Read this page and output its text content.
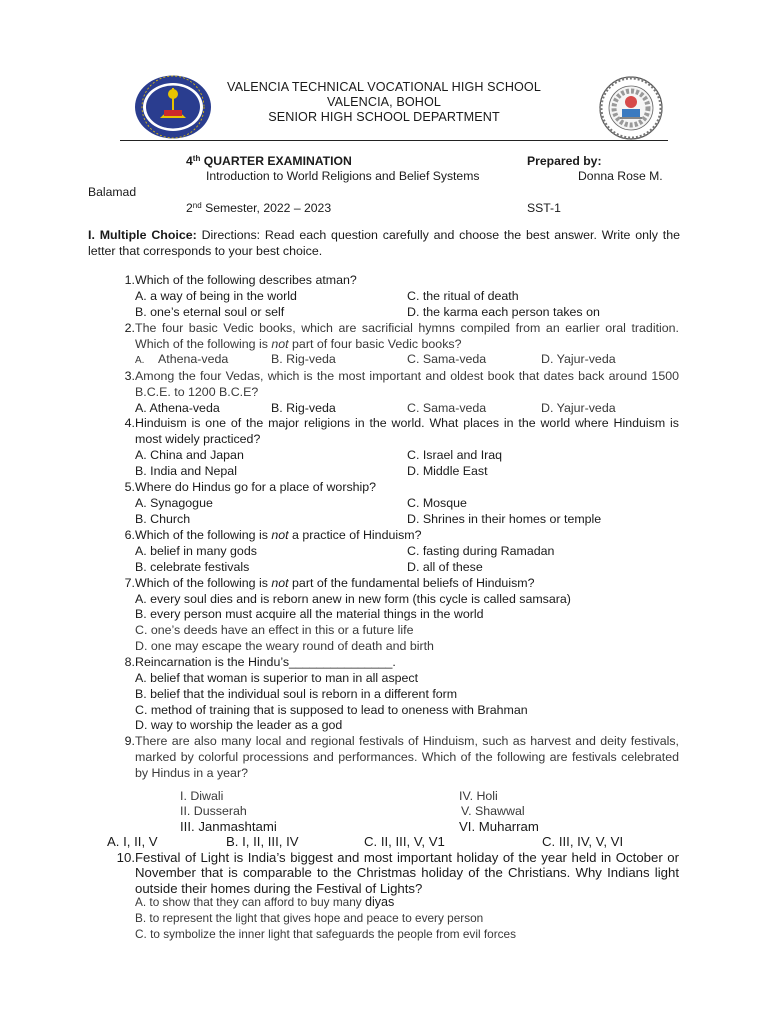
VALENCIA TECHNICAL VOCATIONAL HIGH SCHOOL
VALENCIA, BOHOL
SENIOR HIGH SCHOOL DEPARTMENT
4th QUARTER EXAMINATION	Prepared by:
Introduction to World Religions and Belief Systems	Donna Rose M.
Balamad
2nd Semester, 2022 – 2023	SST-1
I. Multiple Choice: Directions: Read each question carefully and choose the best answer. Write only the letter that corresponds to your best choice.
1. Which of the following describes atman?
A. a way of being in the world	C. the ritual of death
B. one’s eternal soul or self	D. the karma each person takes on
2. The four basic Vedic books, which are sacrificial hymns compiled from an earlier oral tradition. Which of the following is not part of four basic Vedic books?
A. Athena-veda	B. Rig-veda	C. Sama-veda	D. Yajur-veda
3. Among the four Vedas, which is the most important and oldest book that dates back around 1500 B.C.E. to 1200 B.C.E?
A. Athena-veda	B. Rig-veda	C. Sama-veda	D. Yajur-veda
4. Hinduism is one of the major religions in the world. What places in the world where Hinduism is most widely practiced?
A. China and Japan	C. Israel and Iraq
B. India and Nepal	D. Middle East
5. Where do Hindus go for a place of worship?
A. Synagogue	C. Mosque
B. Church	D. Shrines in their homes or temple
6. Which of the following is not a practice of Hinduism?
A. belief in many gods	C. fasting during Ramadan
B. celebrate festivals	D. all of these
7. Which of the following is not part of the fundamental beliefs of Hinduism?
A. every soul dies and is reborn anew in new form (this cycle is called samsara)
B. every person must acquire all the material things in the world
C. one’s deeds have an effect in this or a future life
D. one may escape the weary round of death and birth
8. Reincarnation is the Hindu’s_______________.
A. belief that woman is superior to man in all aspect
B. belief that the individual soul is reborn in a different form
C. method of training that is supposed to lead to oneness with Brahman
D. way to worship the leader as a god
9. There are also many local and regional festivals of Hinduism, such as harvest and deity festivals, marked by colorful processions and performances. Which of the following are festivals celebrated by Hindus in a year?
I. Diwali	IV. Holi
II. Dusserah	V. Shawwal
III. Janmashtami	VI. Muharram
A. I, II, V	B. I, II, III, IV	C. II, III, V, V1	C. III, IV, V, VI
10. Festival of Light is India’s biggest and most important holiday of the year held in October or November that is comparable to the Christmas holiday of the Christians. Why Indians light outside their homes during the Festival of Lights?
A. to show that they can afford to buy many diyas
B. to represent the light that gives hope and peace to every person
C. to symbolize the inner light that safeguards the people from evil forces
